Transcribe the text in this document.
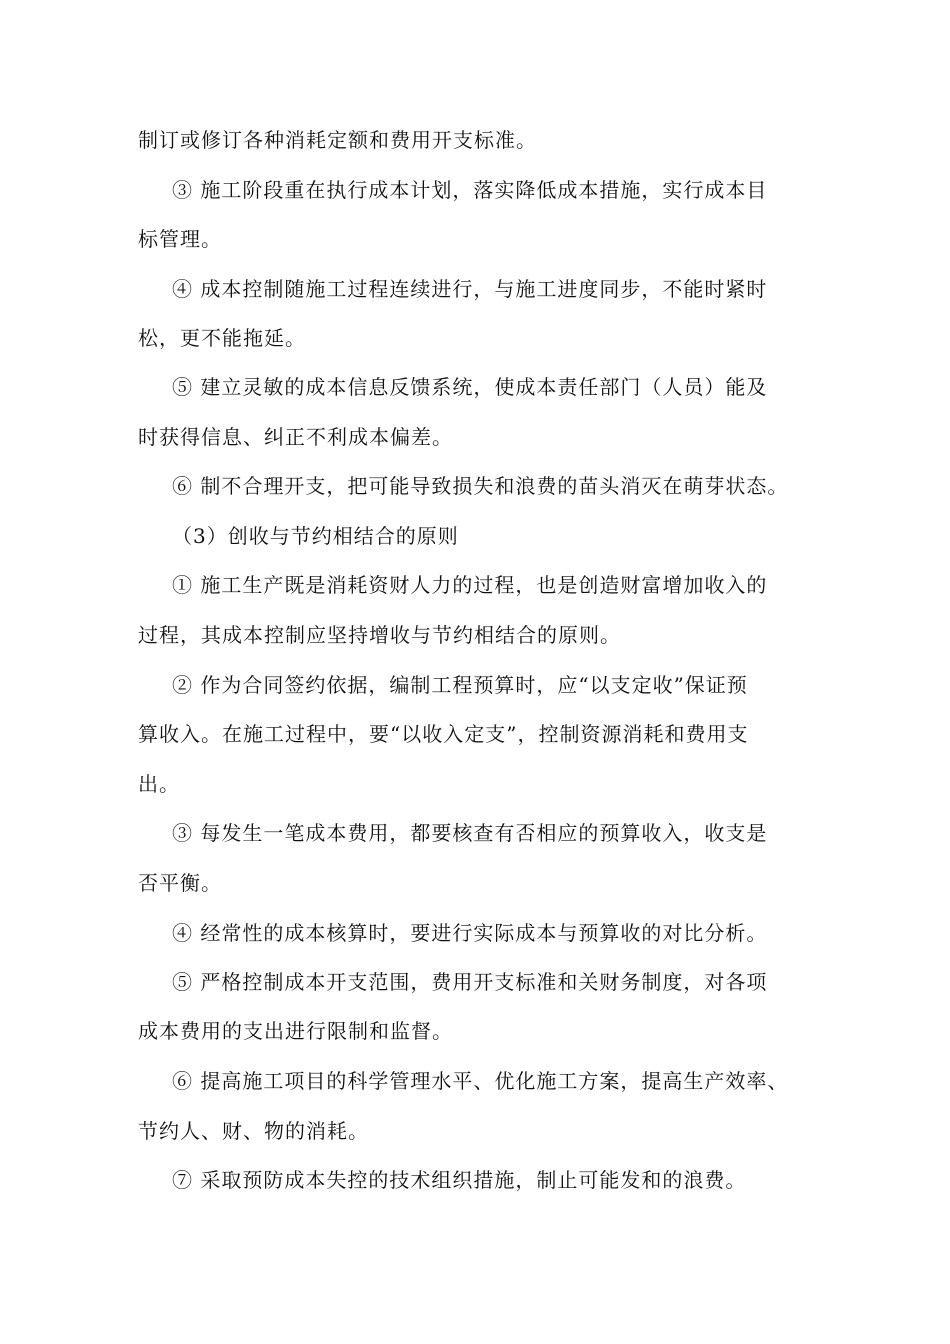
制订或修订各种消耗定额和费用开支标准。
③ 施工阶段重在执行成本计划，落实降低成本措施，实行成本目
标管理。
④ 成本控制随施工过程连续进行，与施工进度同步，不能时紧时
松，更不能拖延。
⑤ 建立灵敏的成本信息反馈系统，使成本责任部门（人员）能及
时获得信息、纠正不利成本偏差。
⑥ 制不合理开支，把可能导致损失和浪费的苗头消灭在萌芽状态。
（3）创收与节约相结合的原则
① 施工生产既是消耗资财人力的过程，也是创造财富增加收入的
过程，其成本控制应坚持增收与节约相结合的原则。
② 作为合同签约依据，编制工程预算时，应“以支定收”保证预
算收入。在施工过程中，要“以收入定支”，控制资源消耗和费用支
出。
③ 每发生一笔成本费用，都要核查有否相应的预算收入，收支是
否平衡。
④ 经常性的成本核算时，要进行实际成本与预算收的对比分析。
⑤ 严格控制成本开支范围，费用开支标准和关财务制度，对各项
成本费用的支出进行限制和监督。
⑥ 提高施工项目的科学管理水平、优化施工方案，提高生产效率、
节约人、财、物的消耗。
⑦ 采取预防成本失控的技术组织措施，制止可能发和的浪费。
